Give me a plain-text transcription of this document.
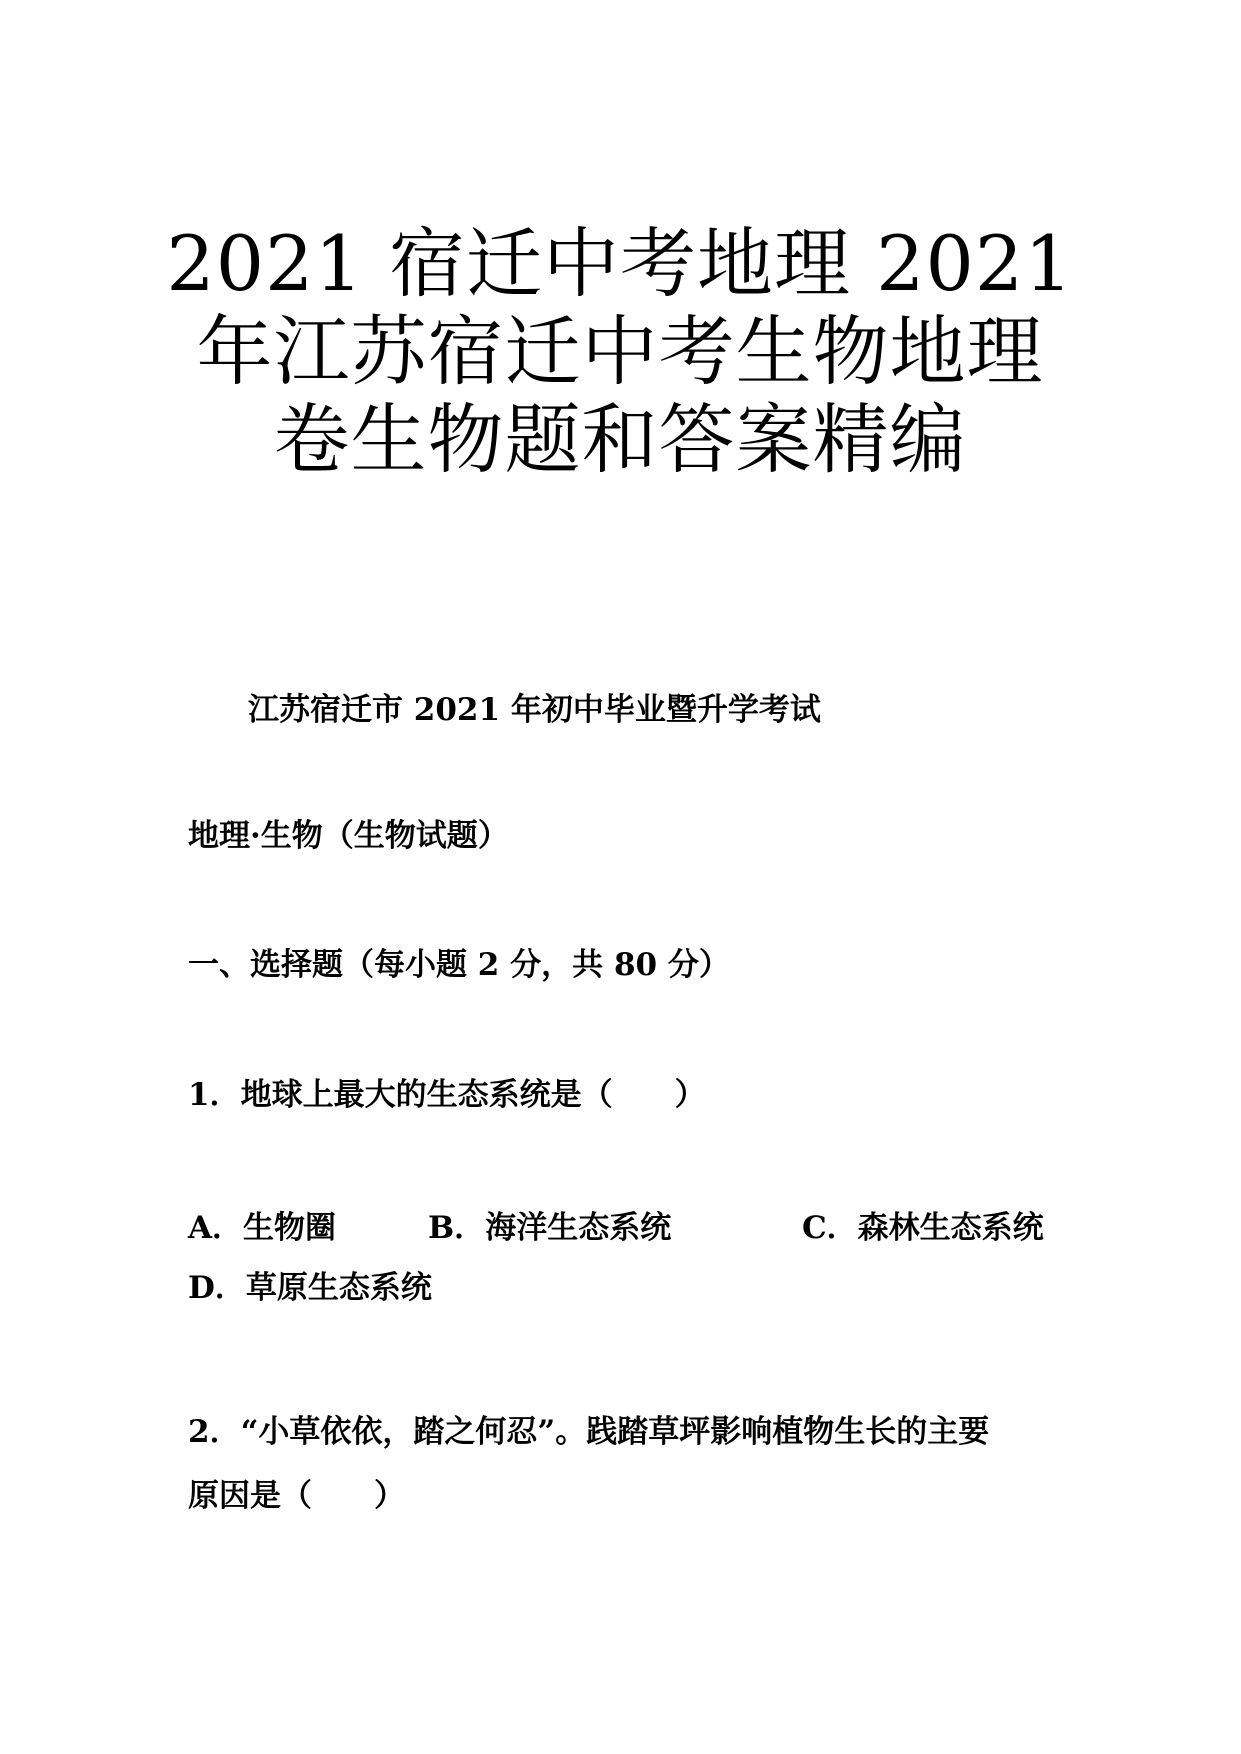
2021 宿迁中考地理 2021
年江苏宿迁中考生物地理
卷生物题和答案精编
江苏宿迁市 2021 年初中毕业暨升学考试
地理·生物（生物试题）
一、选择题（每小题 2 分，共 80 分）
1．地球上最大的生态系统是（　　）
A．生物圈	B．海洋生态系统	C．森林生态系统
D．草原生态系统
2．“小草依依，踏之何忍”。践踏草坪影响植物生长的主要
原因是（　　）
